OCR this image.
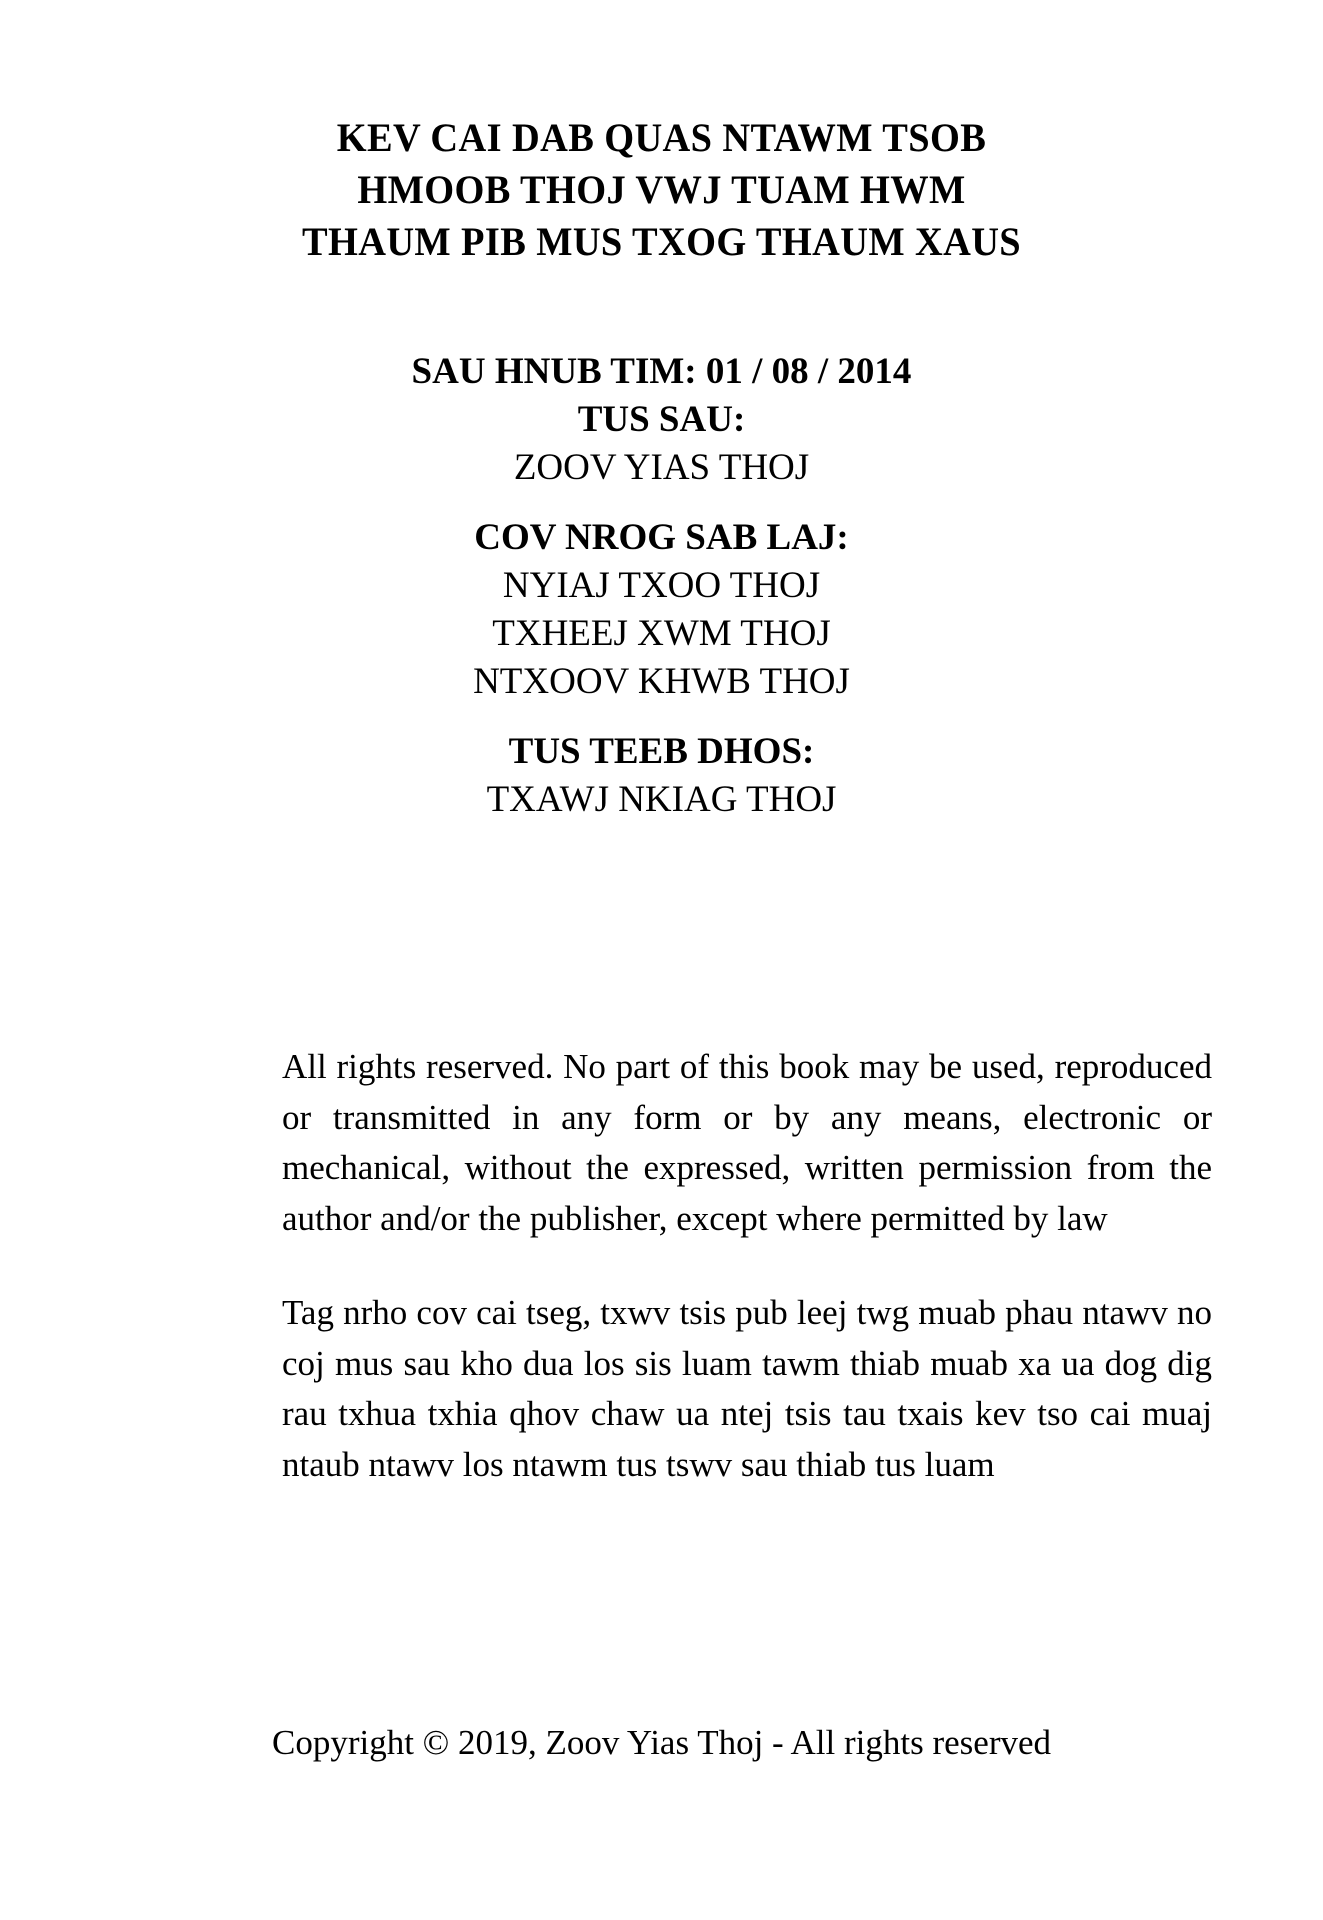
KEV CAI DAB QUAS NTAWM TSOB
HMOOB THOJ VWJ TUAM HWM
THAUM PIB MUS TXOG THAUM XAUS
SAU HNUB TIM: 01 / 08 / 2014
TUS SAU:
ZOOV YIAS THOJ
COV NROG SAB LAJ:
NYIAJ TXOO THOJ
TXHEEJ XWM THOJ
NTXOOV KHWB THOJ
TUS TEEB DHOS:
TXAWJ NKIAG THOJ

All rights reserved. No part of this book may be used, reproduced or transmitted in any form or by any means, electronic or mechanical, without the expressed, written permission from the author and/or the publisher, except where permitted by law

Tag nrho cov cai tseg, txwv tsis pub leej twg muab phau ntawv no coj mus sau kho dua los sis luam tawm thiab muab xa ua dog dig rau txhua txhia qhov chaw ua ntej tsis tau txais kev tso cai muaj ntaub ntawv los ntawm tus tswv sau thiab tus luam

Copyright © 2019, Zoov Yias Thoj - All rights reserved
